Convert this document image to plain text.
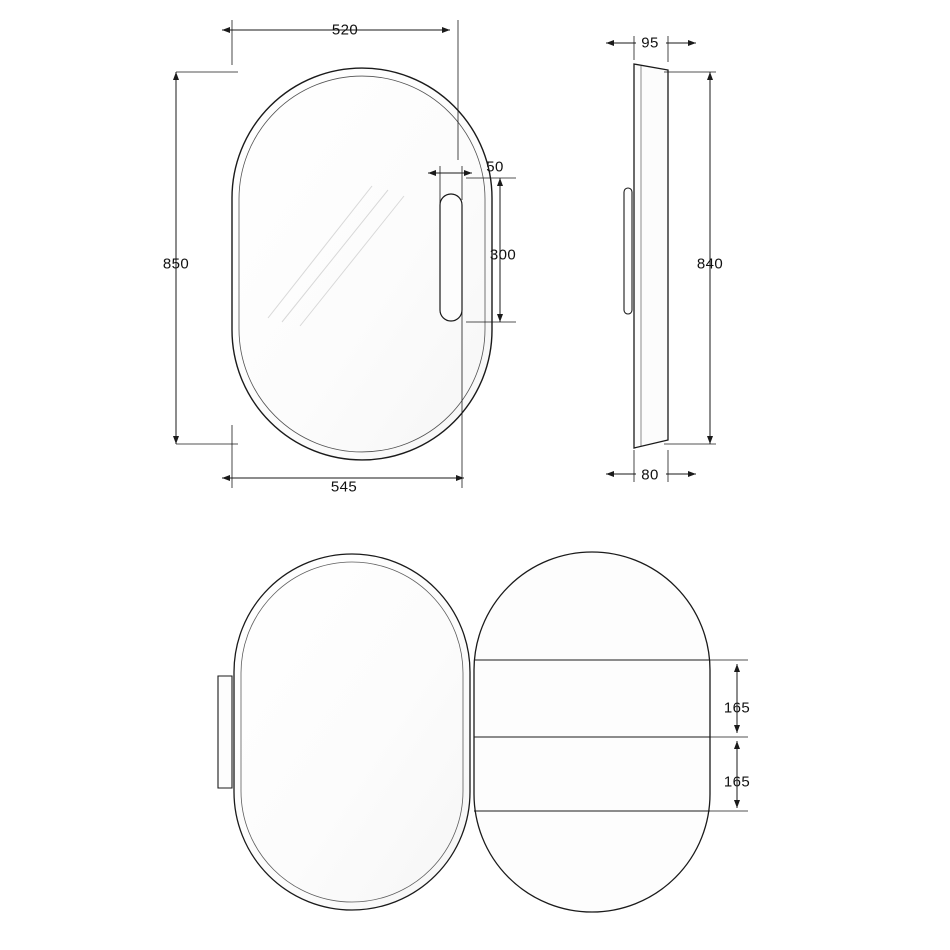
520
850
50
300
545
95
840
80
165
165
